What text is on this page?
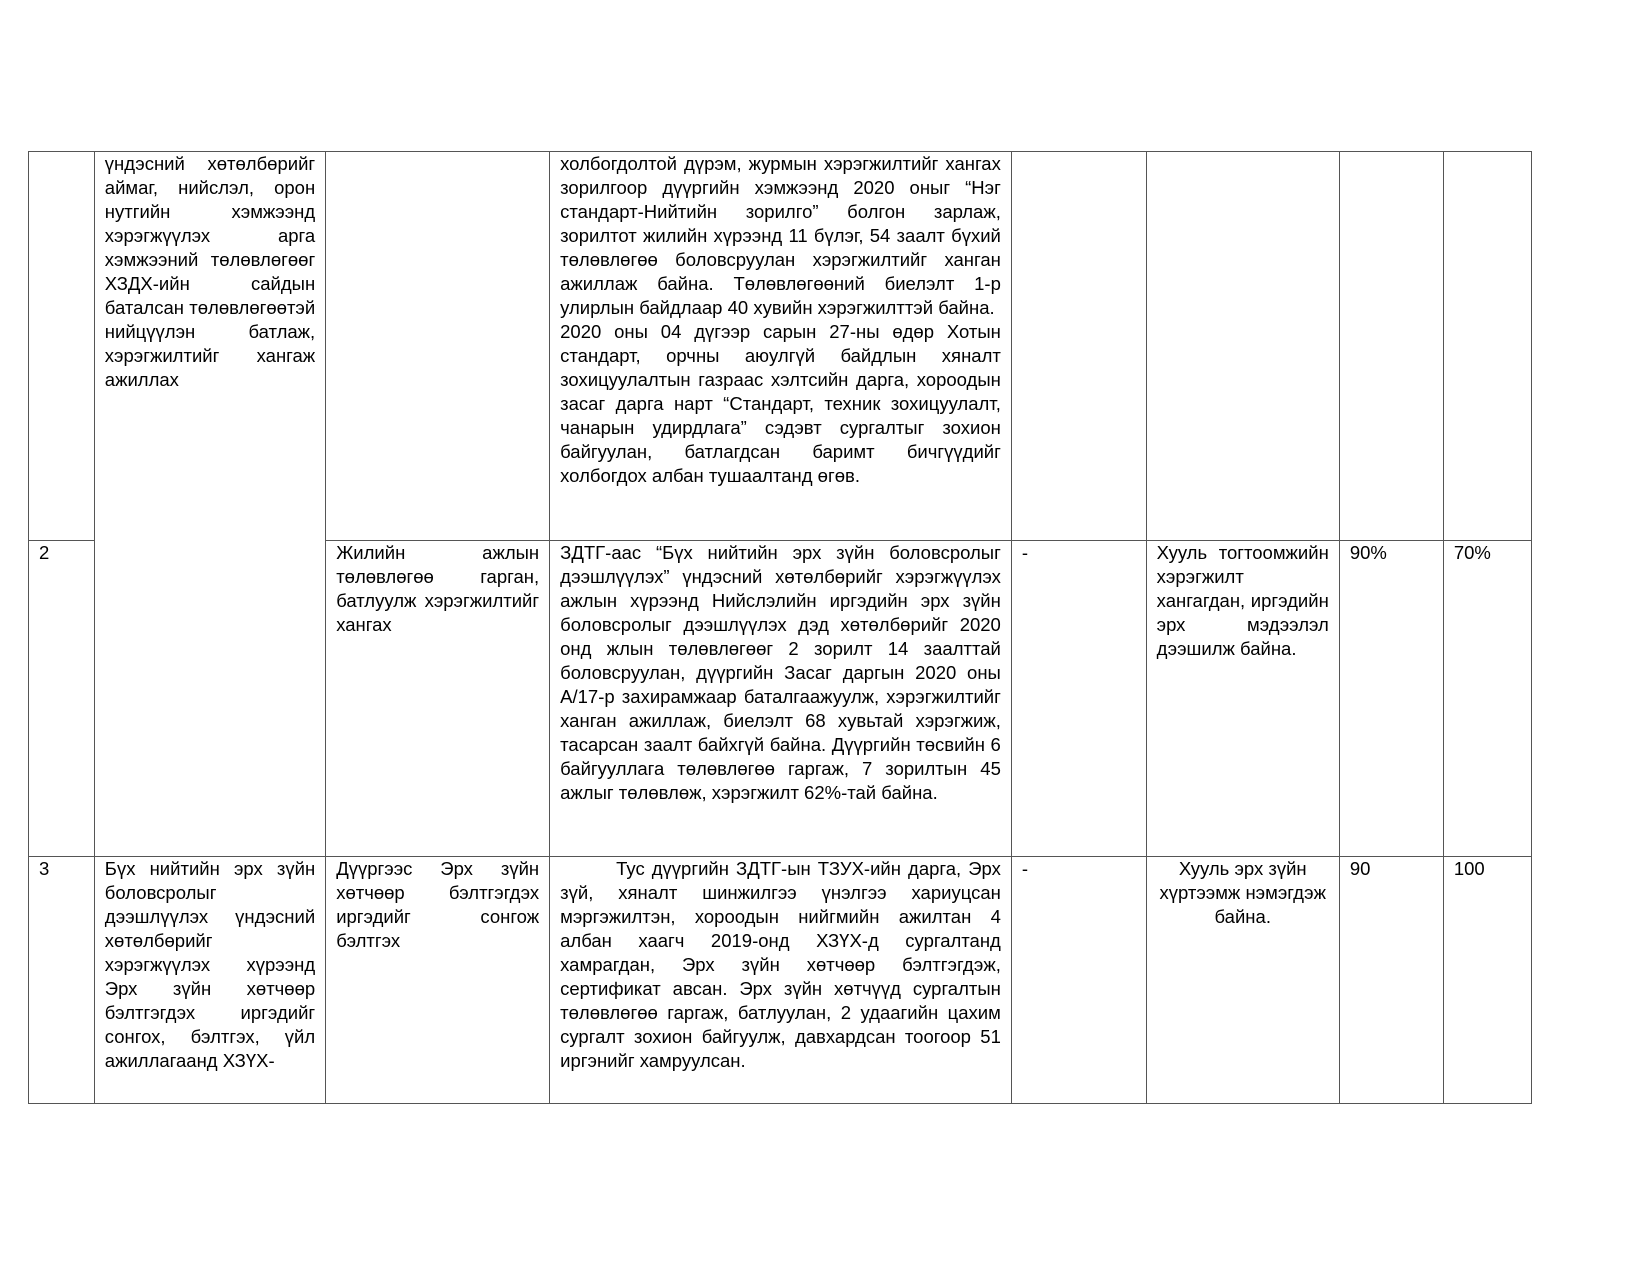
	үндэсний хөтөлбөрийг аймаг, нийслэл, орон нутгийн хэмжээнд хэрэгжүүлэх арга хэмжээний төлөвлөгөөг ХЗДХ-ийн сайдын баталсан төлөвлөгөөтэй нийцүүлэн батлаж, хэрэгжилтийг хангаж ажиллах		холбогдолтой дүрэм, журмын хэрэгжилтийг хангах зорилгоор дүүргийн хэмжээнд 2020 оныг “Нэг стандарт-Нийтийн зорилго” болгон зарлаж, зорилтот жилийн хүрээнд 11 бүлэг, 54 заалт бүхий төлөвлөгөө боловсруулан хэрэгжилтийг ханган ажиллаж байна. Төлөвлөгөөний биелэлт 1-р улирлын байдлаар 40 хувийн хэрэгжилттэй байна.
2020 оны 04 дүгээр сарын 27-ны өдөр Хотын стандарт, орчны аюулгүй байдлын хяналт зохицуулалтын газраас хэлтсийн дарга, хороодын засаг дарга нарт “Стандарт, техник зохицуулалт, чанарын удирдлага” сэдэвт сургалтыг зохион байгуулан, батлагдсан баримт бичгүүдийг холбогдох албан тушаалтанд өгөв.				

2		Жилийн ажлын төлөвлөгөө гарган, батлуулж хэрэгжилтийг хангах	ЗДТГ-аас “Бүх нийтийн эрх зүйн боловсролыг дээшлүүлэх” үндэсний хөтөлбөрийг хэрэгжүүлэх ажлын хүрээнд Нийслэлийн иргэдийн эрх зүйн боловсролыг дээшлүүлэх дэд хөтөлбөрийг 2020 онд жлын төлөвлөгөөг 2 зорилт 14 заалттай боловсруулан, дүүргийн Засаг даргын 2020 оны А/17-р захирамжаар баталгаажуулж, хэрэгжилтийг ханган ажиллаж, биелэлт 68 хувьтай хэрэгжиж, тасарсан заалт байхгүй байна. Дүүргийн төсвийн 6 байгууллага төлөвлөгөө гаргаж, 7 зорилтын 45 ажлыг төлөвлөж, хэрэгжилт 62%-тай байна.	-	Хууль тогтоомжийн хэрэгжилт хангагдан, иргэдийн эрх мэдээлэл дээшилж байна.	90%	70%
3	Бүх нийтийн эрх зүйн боловсролыг дээшлүүлэх үндэсний хөтөлбөрийг хэрэгжүүлэх хүрээнд Эрх зүйн хөтчөөр бэлтгэгдэх иргэдийг сонгох, бэлтгэх, үйл ажиллагаанд ХЗҮХ-	Дүүргээс Эрх зүйн хөтчөөр бэлтгэгдэх иргэдийг сонгож бэлтгэх	Тус дүүргийн ЗДТГ-ын ТЗУХ-ийн дарга, Эрх зүй, хяналт шинжилгээ үнэлгээ хариуцсан мэргэжилтэн, хороодын нийгмийн ажилтан 4 албан хаагч 2019-онд ХЗҮХ-д сургалтанд хамрагдан, Эрх зүйн хөтчөөр бэлтгэгдэж, сертификат авсан. Эрх зүйн хөтчүүд сургалтын төлөвлөгөө гаргаж, батлуулан, 2 удаагийн цахим сургалт зохион байгуулж, давхардсан тоогоор 51 иргэнийг хамруулсан.	-	Хууль эрх зүйн хүртээмж нэмэгдэж байна.	90	100
